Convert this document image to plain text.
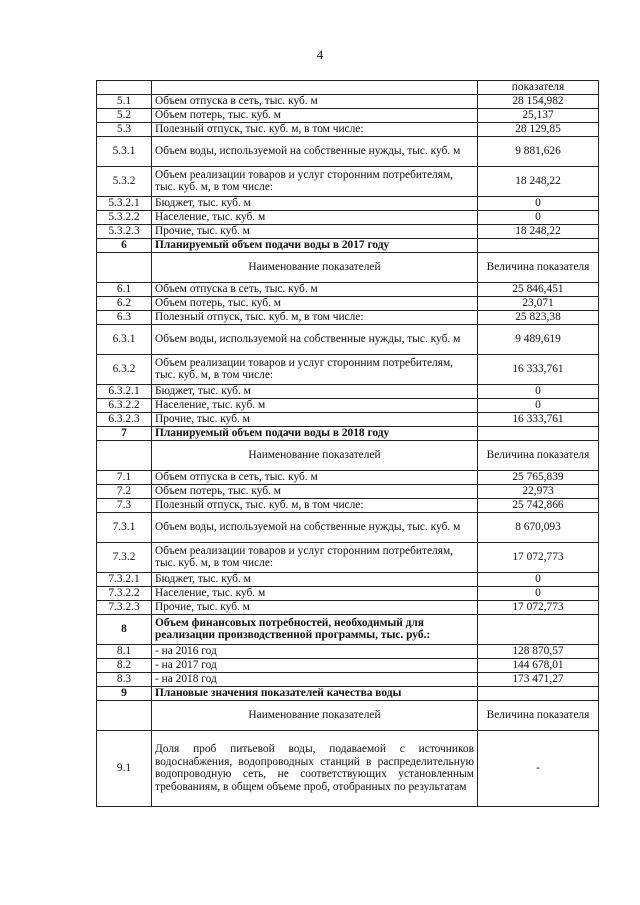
4
		показателя
5.1	Объем отпуска в сеть, тыс. куб. м	28 154,982
5.2	Объем потерь, тыс. куб. м	25,137
5.3	Полезный отпуск, тыс. куб. м, в том числе:	28 129,85
5.3.1	Объем воды, используемой на собственные нужды, тыс. куб. м	9 881,626
5.3.2	Объем реализации товаров и услуг сторонним потребителям, тыс. куб. м, в том числе:	18 248,22
5.3.2.1	Бюджет, тыс. куб. м	0
5.3.2.2	Население, тыс. куб. м	0
5.3.2.3	Прочие, тыс. куб. м	18 248,22
6	Планируемый объем подачи воды в 2017 году	
	Наименование показателей	Величина показателя
6.1	Объем отпуска в сеть, тыс. куб. м	25 846,451
6.2	Объем потерь, тыс. куб. м	23,071
6.3	Полезный отпуск, тыс. куб. м, в том числе:	25 823,38
6.3.1	Объем воды, используемой на собственные нужды, тыс. куб. м	9 489,619
6.3.2	Объем реализации товаров и услуг сторонним потребителям, тыс. куб. м, в том числе:	16 333,761
6.3.2.1	Бюджет, тыс. куб. м	0
6.3.2.2	Население, тыс. куб. м	0
6.3.2.3	Прочие, тыс. куб. м	16 333,761
7	Планируемый объем подачи воды в 2018 году	
	Наименование показателей	Величина показателя
7.1	Объем отпуска в сеть, тыс. куб. м	25 765,839
7.2	Объем потерь, тыс. куб. м	22,973
7.3	Полезный отпуск, тыс. куб. м, в том числе:	25 742,866
7.3.1	Объем воды, используемой на собственные нужды, тыс. куб. м	8 670,093
7.3.2	Объем реализации товаров и услуг сторонним потребителям, тыс. куб. м, в том числе:	17 072,773
7.3.2.1	Бюджет, тыс. куб. м	0
7.3.2.2	Население, тыс. куб. м	0
7.3.2.3	Прочие, тыс. куб. м	17 072,773
8	Объем финансовых потребностей, необходимый для реализации производственной программы, тыс. руб.:	
8.1	- на 2016 год	128 870,57
8.2	- на 2017 год	144 678,01
8.3	- на 2018 год	173 471,27
9	Плановые значения показателей качества воды	
	Наименование показателей	Величина показателя
9.1	Доля проб питьевой воды, подаваемой с источников водоснабжения, водопроводных станций в распределительную водопроводную сеть, не соответствующих установленным требованиям, в общем объеме проб, отобранных по результатам	-
